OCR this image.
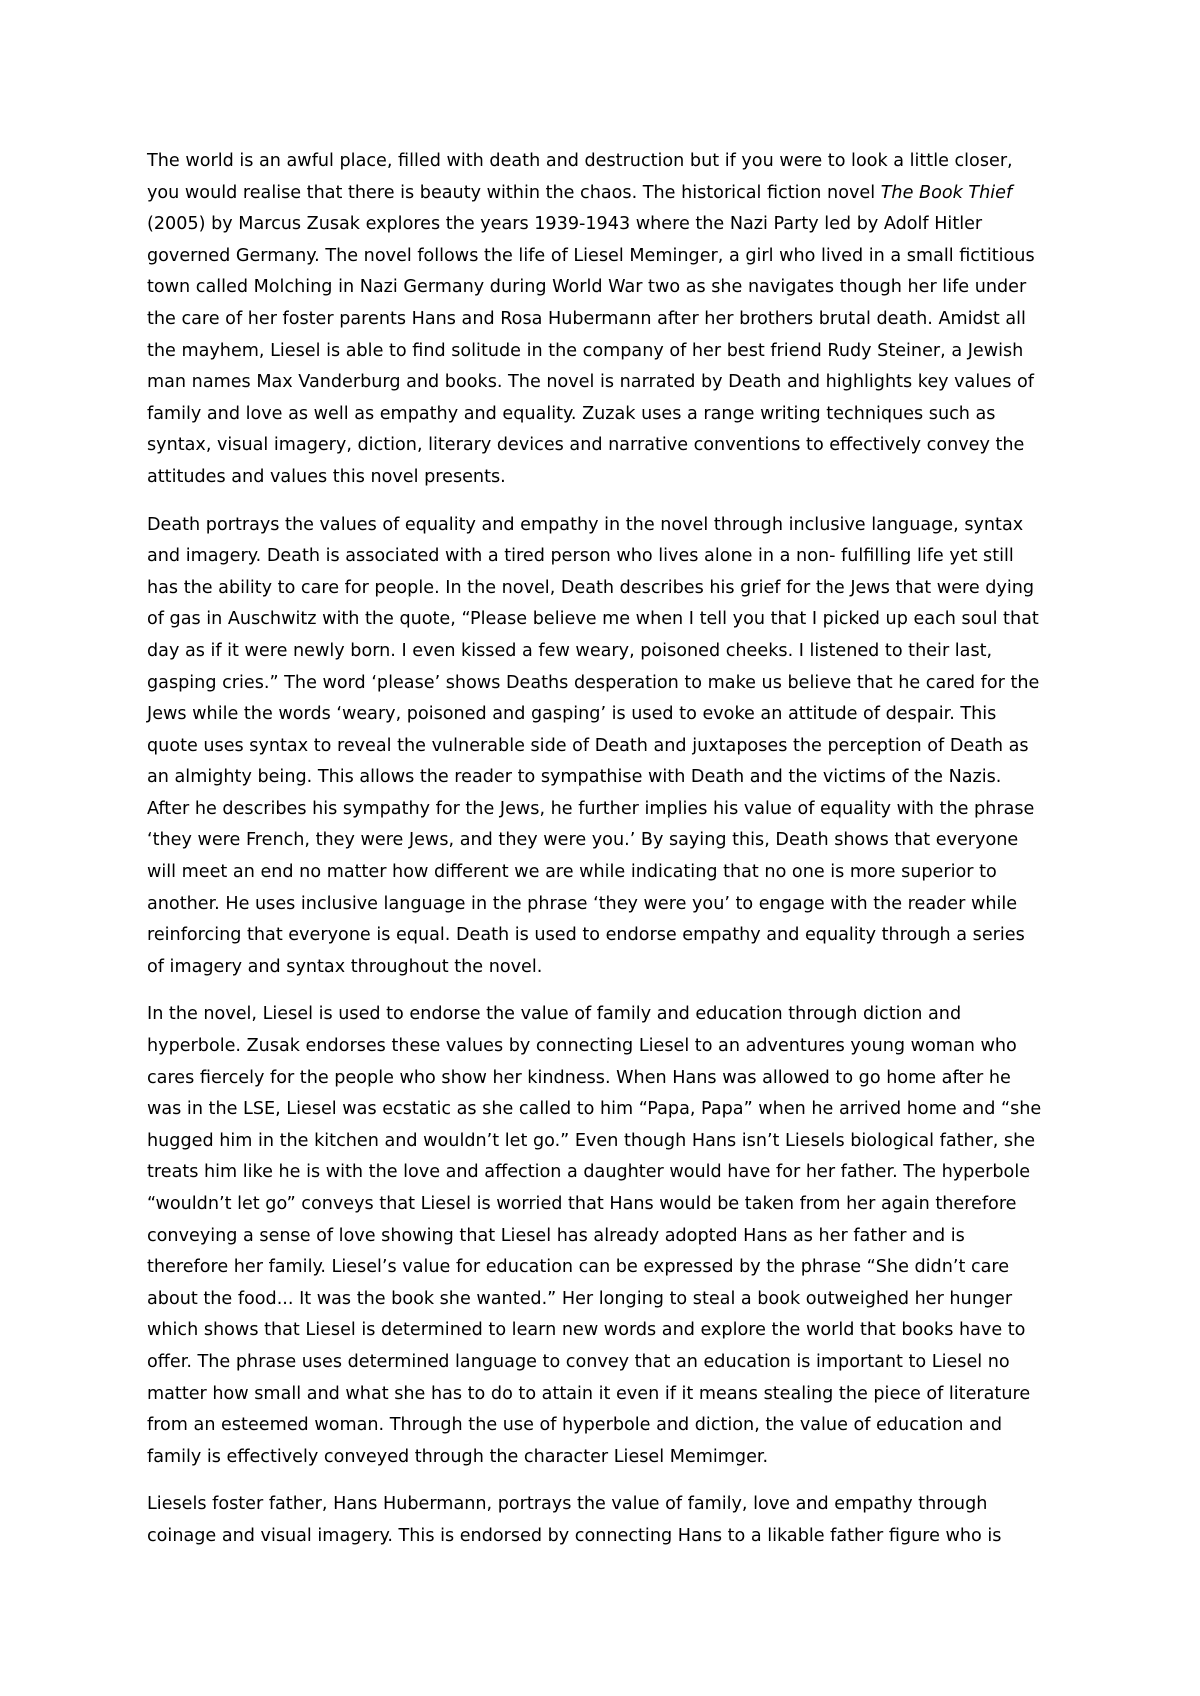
The world is an awful place, filled with death and destruction but if you were to look a little closer,
you would realise that there is beauty within the chaos. The historical fiction novel The Book Thief
(2005) by Marcus Zusak explores the years 1939-1943 where the Nazi Party led by Adolf Hitler
governed Germany. The novel follows the life of Liesel Meminger, a girl who lived in a small fictitious
town called Molching in Nazi Germany during World War two as she navigates though her life under
the care of her foster parents Hans and Rosa Hubermann after her brothers brutal death. Amidst all
the mayhem, Liesel is able to find solitude in the company of her best friend Rudy Steiner, a Jewish
man names Max Vanderburg and books. The novel is narrated by Death and highlights key values of
family and love as well as empathy and equality. Zuzak uses a range writing techniques such as
syntax, visual imagery, diction, literary devices and narrative conventions to effectively convey the
attitudes and values this novel presents.
Death portrays the values of equality and empathy in the novel through inclusive language, syntax
and imagery. Death is associated with a tired person who lives alone in a non- fulfilling life yet still
has the ability to care for people. In the novel, Death describes his grief for the Jews that were dying
of gas in Auschwitz with the quote, “Please believe me when I tell you that I picked up each soul that
day as if it were newly born. I even kissed a few weary, poisoned cheeks. I listened to their last,
gasping cries.” The word ‘please’ shows Deaths desperation to make us believe that he cared for the
Jews while the words ‘weary, poisoned and gasping’ is used to evoke an attitude of despair. This
quote uses syntax to reveal the vulnerable side of Death and juxtaposes the perception of Death as
an almighty being. This allows the reader to sympathise with Death and the victims of the Nazis.
After he describes his sympathy for the Jews, he further implies his value of equality with the phrase
‘they were French, they were Jews, and they were you.’ By saying this, Death shows that everyone
will meet an end no matter how different we are while indicating that no one is more superior to
another. He uses inclusive language in the phrase ‘they were you’ to engage with the reader while
reinforcing that everyone is equal. Death is used to endorse empathy and equality through a series
of imagery and syntax throughout the novel.
In the novel, Liesel is used to endorse the value of family and education through diction and
hyperbole. Zusak endorses these values by connecting Liesel to an adventures young woman who
cares fiercely for the people who show her kindness. When Hans was allowed to go home after he
was in the LSE, Liesel was ecstatic as she called to him “Papa, Papa” when he arrived home and “she
hugged him in the kitchen and wouldn’t let go.” Even though Hans isn’t Liesels biological father, she
treats him like he is with the love and affection a daughter would have for her father. The hyperbole
“wouldn’t let go” conveys that Liesel is worried that Hans would be taken from her again therefore
conveying a sense of love showing that Liesel has already adopted Hans as her father and is
therefore her family. Liesel’s value for education can be expressed by the phrase “She didn’t care
about the food... It was the book she wanted.” Her longing to steal a book outweighed her hunger
which shows that Liesel is determined to learn new words and explore the world that books have to
offer. The phrase uses determined language to convey that an education is important to Liesel no
matter how small and what she has to do to attain it even if it means stealing the piece of literature
from an esteemed woman. Through the use of hyperbole and diction, the value of education and
family is effectively conveyed through the character Liesel Memimger.
Liesels foster father, Hans Hubermann, portrays the value of family, love and empathy through
coinage and visual imagery. This is endorsed by connecting Hans to a likable father figure who is
